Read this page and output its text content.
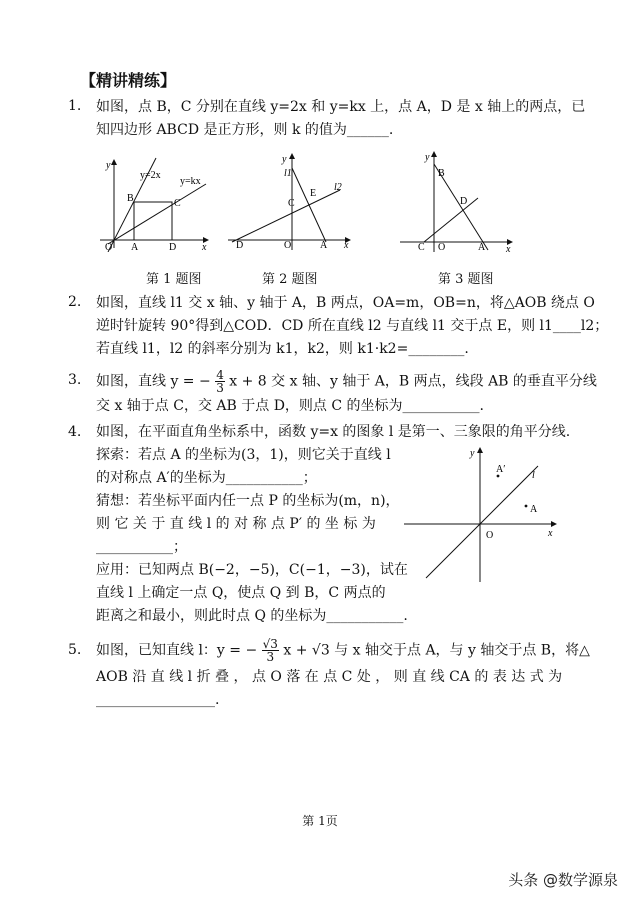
【精讲精练】
1. 如图，点 B，C 分别在直线 y=2x 和 y=kx 上，点 A，D 是 x 轴上的两点，已
知四边形 ABCD 是正方形，则 k 的值为______.
y
y=2x
y=kx
B	C
O A	D	x
第 1 题图
y
l1
l2
E
C
D	O	A x
第 2 题图
y
B
D
C O	A x
第 3 题图
2. 如图，直线 l1 交 x 轴、y 轴于 A，B 两点，OA=m，OB=n，将△AOB 绕点 O
逆时针旋转 90°得到△COD．CD 所在直线 l2 与直线 l1 交于点 E，则 l1____l2；
若直线 l1，l2 的斜率分别为 k1，k2，则 k1·k2=________.
3. 如图，直线 y = − $\frac{4}{3}$ x + 8 交 x 轴、y 轴于 A，B 两点，线段 AB 的垂直平分线
交 x 轴于点 C，交 AB 于点 D，则点 C 的坐标为___________.
4. 如图，在平面直角坐标系中，函数 y=x 的图象 l 是第一、三象限的角平分线.
探索：若点 A 的坐标为(3，1)，则它关于直线 l
的对称点 A′的坐标为___________；
猜想：若坐标平面内任一点 P 的坐标为(m，n)，
则 它 关 于 直 线 l 的 对 称 点 P′ 的 坐 标 为
___________；
应用：已知两点 B(−2，−5)，C(−1，−3)，试在
直线 l 上确定一点 Q，使点 Q 到 B，C 两点的
距离之和最小，则此时点 Q 的坐标为___________.
y
A′
l
A
O	x
5. 如图，已知直线 l：y = − $\frac{√3}{3}$ x + √3 与 x 轴交于点 A，与 y 轴交于点 B，将△
AOB 沿 直 线 l 折 叠 ， 点 O 落 在 点 C 处 ， 则 直 线 CA 的 表 达 式 为
_________________.
第 1页
头条 @数学源泉
